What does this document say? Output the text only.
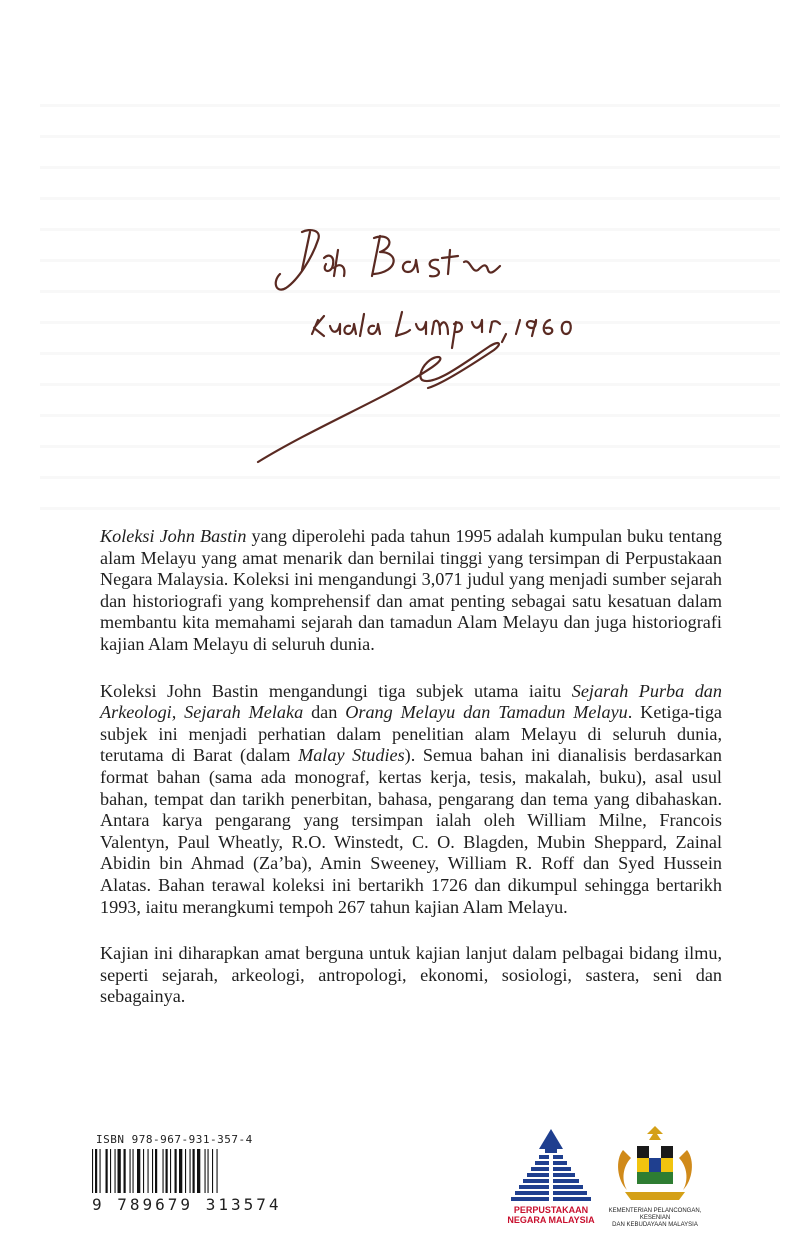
Koleksi John Bastin yang diperolehi pada tahun 1995 adalah kumpulan buku tentang alam Melayu yang amat menarik dan bernilai tinggi yang tersimpan di Perpustakaan Negara Malaysia. Koleksi ini mengandungi 3,071 judul yang menjadi sumber sejarah dan historiografi yang komprehensif dan amat penting sebagai satu kesatuan dalam membantu kita memahami sejarah dan tamadun Alam Melayu dan juga historiografi kajian Alam Melayu di seluruh dunia.

Koleksi John Bastin mengandungi tiga subjek utama iaitu Sejarah Purba dan Arkeologi, Sejarah Melaka dan Orang Melayu dan Tamadun Melayu. Ketiga-tiga subjek ini menjadi perhatian dalam penelitian alam Melayu di seluruh dunia, terutama di Barat (dalam Malay Studies). Semua bahan ini dianalisis berdasarkan format bahan (sama ada monograf, kertas kerja, tesis, makalah, buku), asal usul bahan, tempat dan tarikh penerbitan, bahasa, pengarang dan tema yang dibahaskan. Antara karya pengarang yang tersimpan ialah oleh William Milne, Francois Valentyn, Paul Wheatly, R.O. Winstedt, C. O. Blagden, Mubin Sheppard, Zainal Abidin bin Ahmad (Za’ba), Amin Sweeney, William R. Roff dan Syed Hussein Alatas. Bahan terawal koleksi ini bertarikh 1726 dan dikumpul sehingga bertarikh 1993, iaitu merangkumi tempoh 267 tahun kajian Alam Melayu.

Kajian ini diharapkan amat berguna untuk kajian lanjut dalam pelbagai bidang ilmu, seperti sejarah, arkeologi, antropologi, ekonomi, sosiologi, sastera, seni dan sebagainya.

ISBN 978-967-931-357-4
9 789679 313574	PERPUSTAKAAN
NEGARA MALAYSIA
KEMENTERIAN PELANCONGAN, KESENIAN
DAN KEBUDAYAAN MALAYSIA
